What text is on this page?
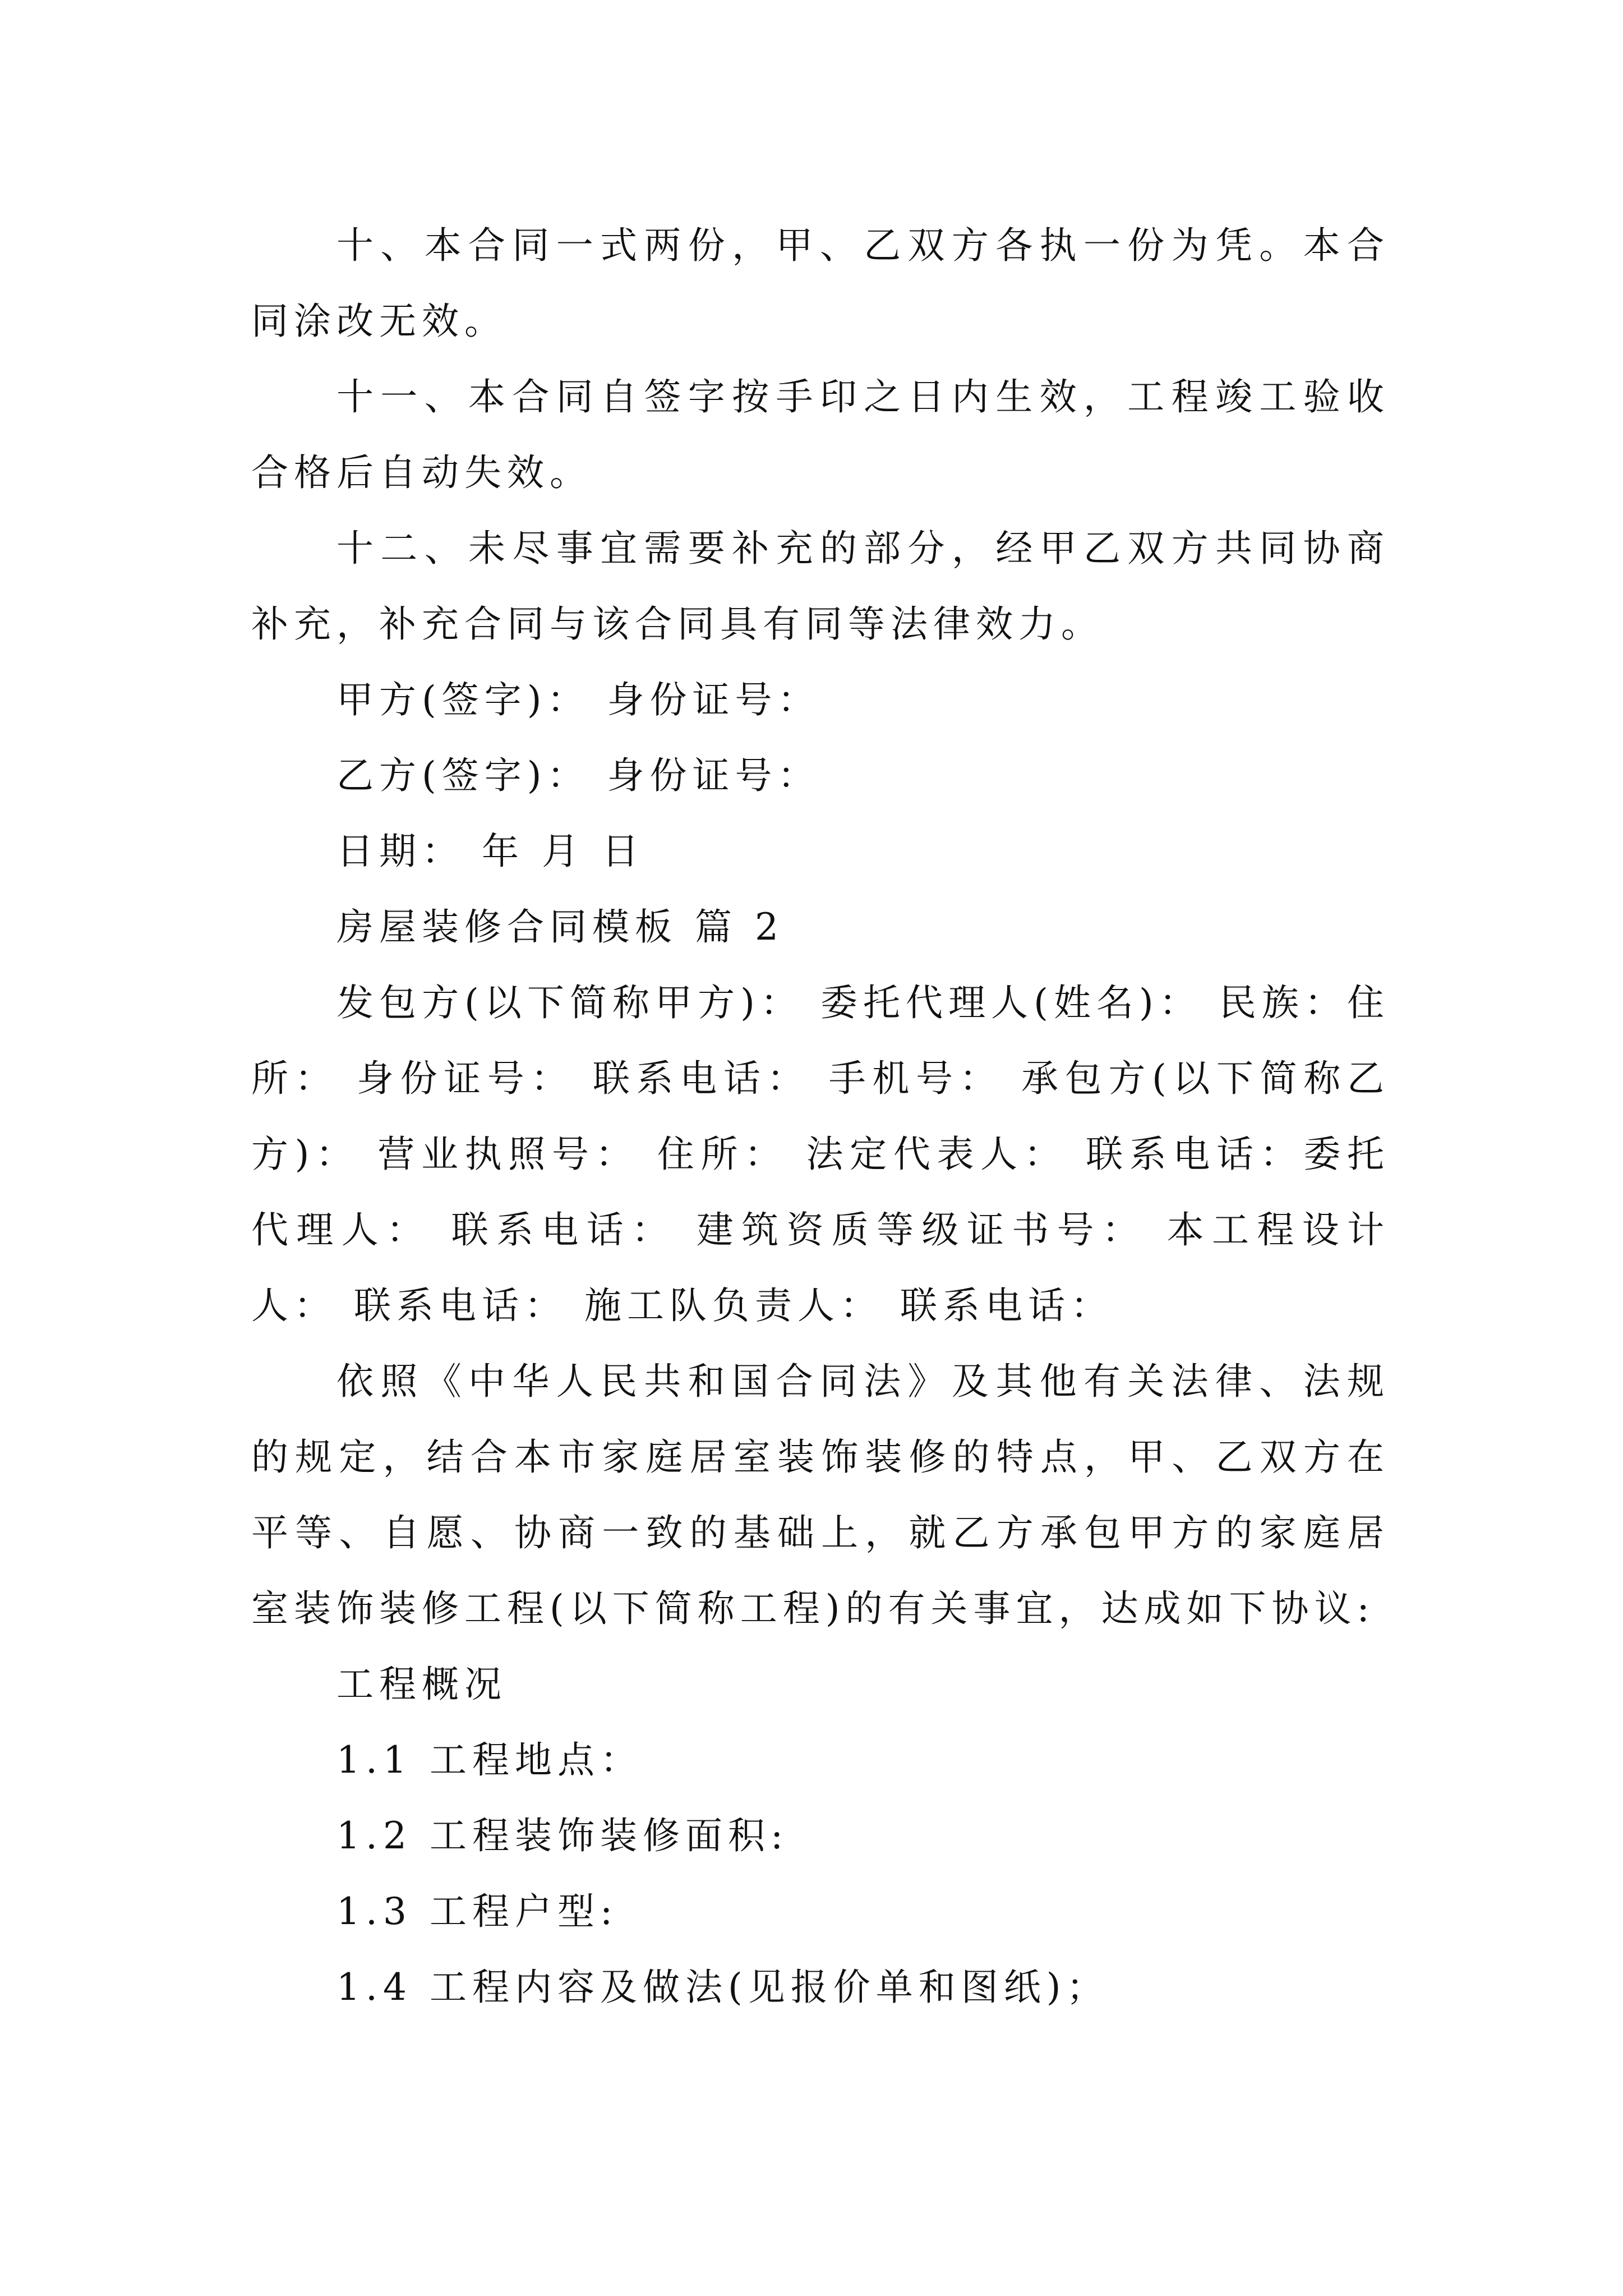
十、本合同一式两份，甲、乙双方各执一份为凭。本合同涂改无效。

十一、本合同自签字按手印之日内生效，工程竣工验收合格后自动失效。

十二、未尽事宜需要补充的部分，经甲乙双方共同协商补充，补充合同与该合同具有同等法律效力。

甲方(签字)： 身份证号：

乙方(签字)： 身份证号：

日期： 年 月 日

房屋装修合同模板 篇 2

发包方(以下简称甲方)： 委托代理人(姓名)： 民族：住所： 身份证号： 联系电话： 手机号： 承包方(以下简称乙方)： 营业执照号： 住所： 法定代表人： 联系电话：委托代理人： 联系电话： 建筑资质等级证书号： 本工程设计人： 联系电话： 施工队负责人： 联系电话：

依照《中华人民共和国合同法》及其他有关法律、法规的规定，结合本市家庭居室装饰装修的特点，甲、乙双方在平等、自愿、协商一致的基础上，就乙方承包甲方的家庭居室装饰装修工程(以下简称工程)的有关事宜，达成如下协议:

工程概况

1.1 工程地点：

1.2 工程装饰装修面积:

1.3 工程户型:

1.4 工程内容及做法(见报价单和图纸)；
